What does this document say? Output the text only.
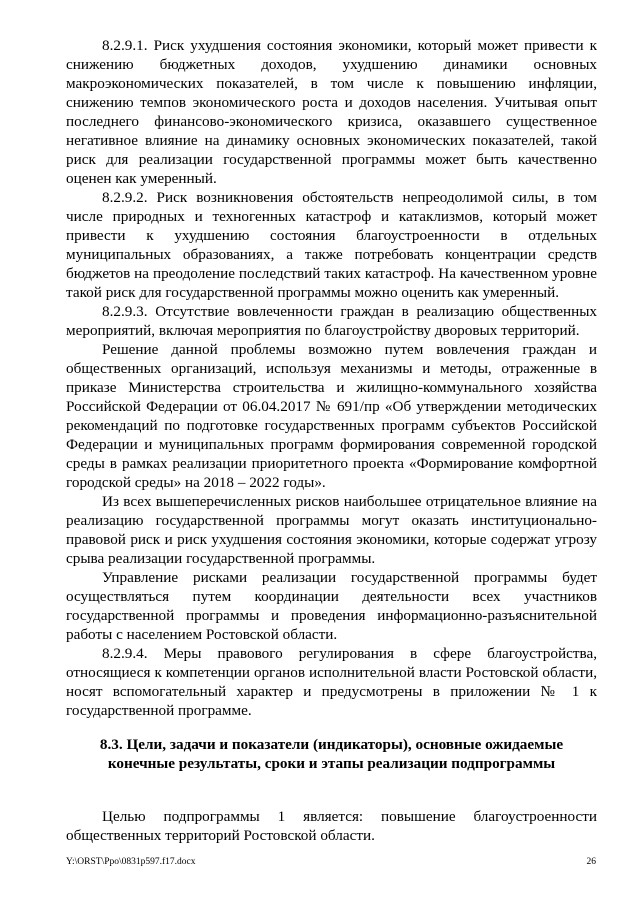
8.2.9.1. Риск ухудшения состояния экономики, который может привести к снижению бюджетных доходов, ухудшению динамики основных макроэкономических показателей, в том числе к повышению инфляции, снижению темпов экономического роста и доходов населения. Учитывая опыт последнего финансово-экономического кризиса, оказавшего существенное негативное влияние на динамику основных экономических показателей, такой риск для реализации государственной программы может быть качественно оценен как умеренный.

8.2.9.2. Риск возникновения обстоятельств непреодолимой силы, в том числе природных и техногенных катастроф и катаклизмов, который может привести к ухудшению состояния благоустроенности в отдельных муниципальных образованиях, а также потребовать концентрации средств бюджетов на преодоление последствий таких катастроф. На качественном уровне такой риск для государственной программы можно оценить как умеренный.

8.2.9.3. Отсутствие вовлеченности граждан в реализацию общественных мероприятий, включая мероприятия по благоустройству дворовых территорий.

Решение данной проблемы возможно путем вовлечения граждан и общественных организаций, используя механизмы и методы, отраженные в приказе Министерства строительства и жилищно-коммунального хозяйства Российской Федерации от 06.04.2017 № 691/пр «Об утверждении методических рекомендаций по подготовке государственных программ субъектов Российской Федерации и муниципальных программ формирования современной городской среды в рамках реализации приоритетного проекта «Формирование комфортной городской среды» на 2018 – 2022 годы».

Из всех вышеперечисленных рисков наибольшее отрицательное влияние на реализацию государственной программы могут оказать институционально-правовой риск и риск ухудшения состояния экономики, которые содержат угрозу срыва реализации государственной программы.

Управление рисками реализации государственной программы будет осуществляться путем координации деятельности всех участников государственной программы и проведения информационно-разъяснительной работы с населением Ростовской области.

8.2.9.4. Меры правового регулирования в сфере благоустройства, относящиеся к компетенции органов исполнительной власти Ростовской области, носят вспомогательный характер и предусмотрены в приложении № 1 к государственной программе.

8.3. Цели, задачи и показатели (индикаторы), основные ожидаемые
конечные результаты, сроки и этапы реализации подпрограммы

Целью подпрограммы 1 является: повышение благоустроенности общественных территорий Ростовской области.

Y:\ORST\Ppo\0831p597.f17.docx	26
